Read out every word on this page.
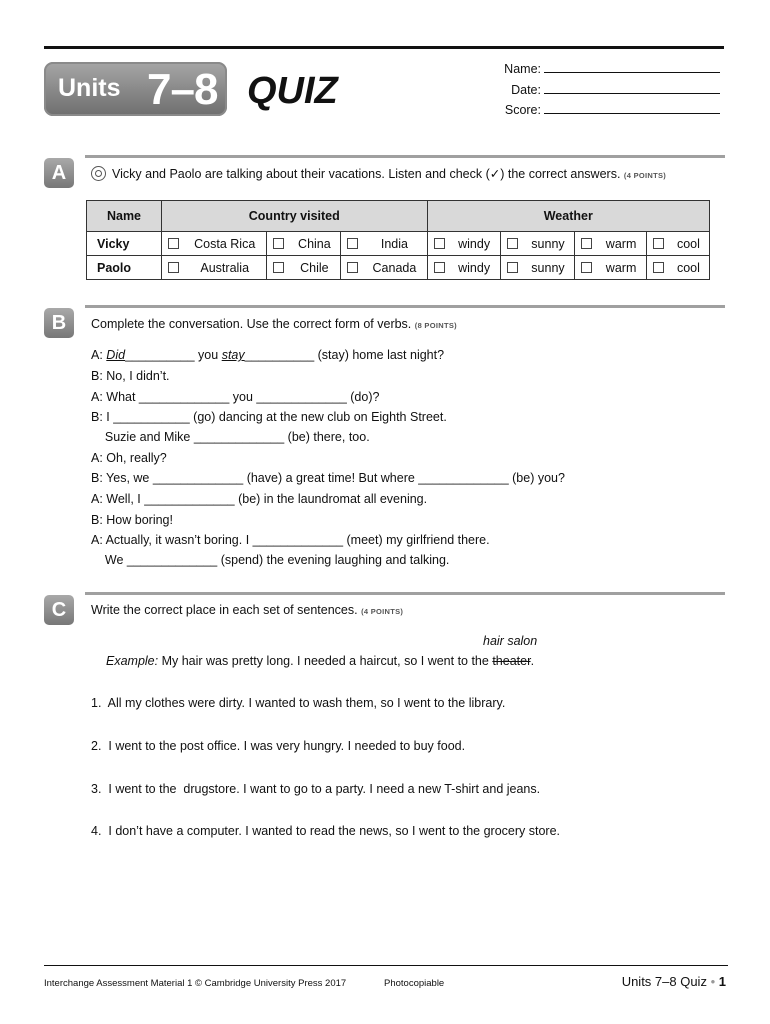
Units 7–8 QUIZ
Name:
Date:
Score:
A	Vicky and Paolo are talking about their vacations. Listen and check (✓) the correct answers. (4 POINTS)
Name	Country visited			Weather			
Vicky	Costa Rica	China	India	windy	sunny	warm	cool

Paolo	Australia	Chile	Canada	windy	sunny	warm	cool
B	Complete the conversation. Use the correct form of verbs. (8 POINTS)
A: Did__________ you stay__________ (stay) home last night?
B: No, I didn’t.
A: What _____________ you _____________ (do)?
B: I ___________ (go) dancing at the new club on Eighth Street.
Suzie and Mike _____________ (be) there, too.
A: Oh, really?
B: Yes, we _____________ (have) a great time! But where _____________ (be) you?
A: Well, I _____________ (be) in the laundromat all evening.
B: How boring!
A: Actually, it wasn’t boring. I _____________ (meet) my girlfriend there.
We _____________ (spend) the evening laughing and talking.
C	Write the correct place in each set of sentences. (4 POINTS)
hair salon
Example: My hair was pretty long. I needed a haircut, so I went to the theater.
1.  All my clothes were dirty. I wanted to wash them, so I went to the library.
2.  I went to the post office. I was very hungry. I needed to buy food.
3.  I went to the  drugstore. I want to go to a party. I need a new T-shirt and jeans.
4.  I don’t have a computer. I wanted to read the news, so I went to the grocery store.
Interchange Assessment Material 1 © Cambridge University Press 2017	Photocopiable	Units 7–8 Quiz • 1
